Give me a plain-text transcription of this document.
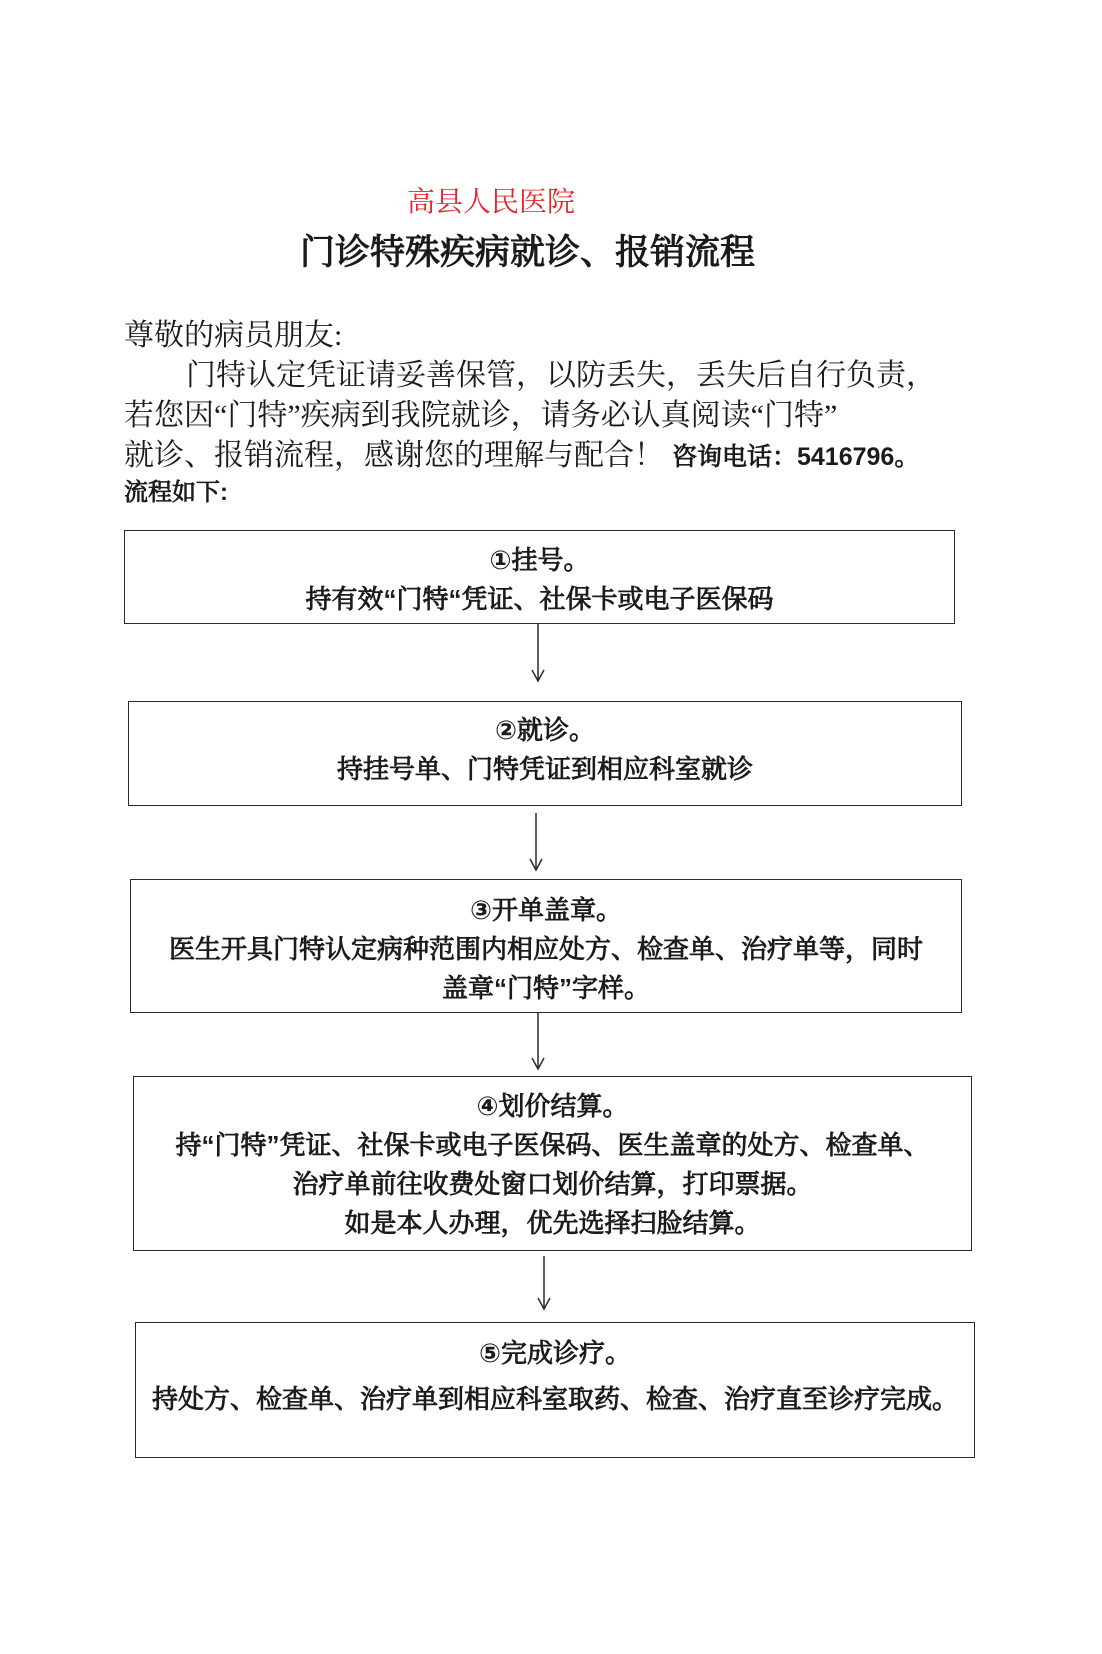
高县人民医院
门诊特殊疾病就诊、报销流程
尊敬的病员朋友:
门特认定凭证请妥善保管，以防丢失，丢失后自行负责，
若您因“门特”疾病到我院就诊，请务必认真阅读“门特”
就诊、报销流程，感谢您的理解与配合！ 咨询电话：5416796。
流程如下:
①挂号。
持有效“门特“凭证、社保卡或电子医保码
②就诊。
持挂号单、门特凭证到相应科室就诊
③开单盖章。
医生开具门特认定病种范围内相应处方、检查单、治疗单等，同时
盖章“门特”字样。
④划价结算。
持“门特”凭证、社保卡或电子医保码、医生盖章的处方、检查单、
治疗单前往收费处窗口划价结算，打印票据。
如是本人办理，优先选择扫脸结算。
⑤完成诊疗。
持处方、检查单、治疗单到相应科室取药、检查、治疗直至诊疗完成。
